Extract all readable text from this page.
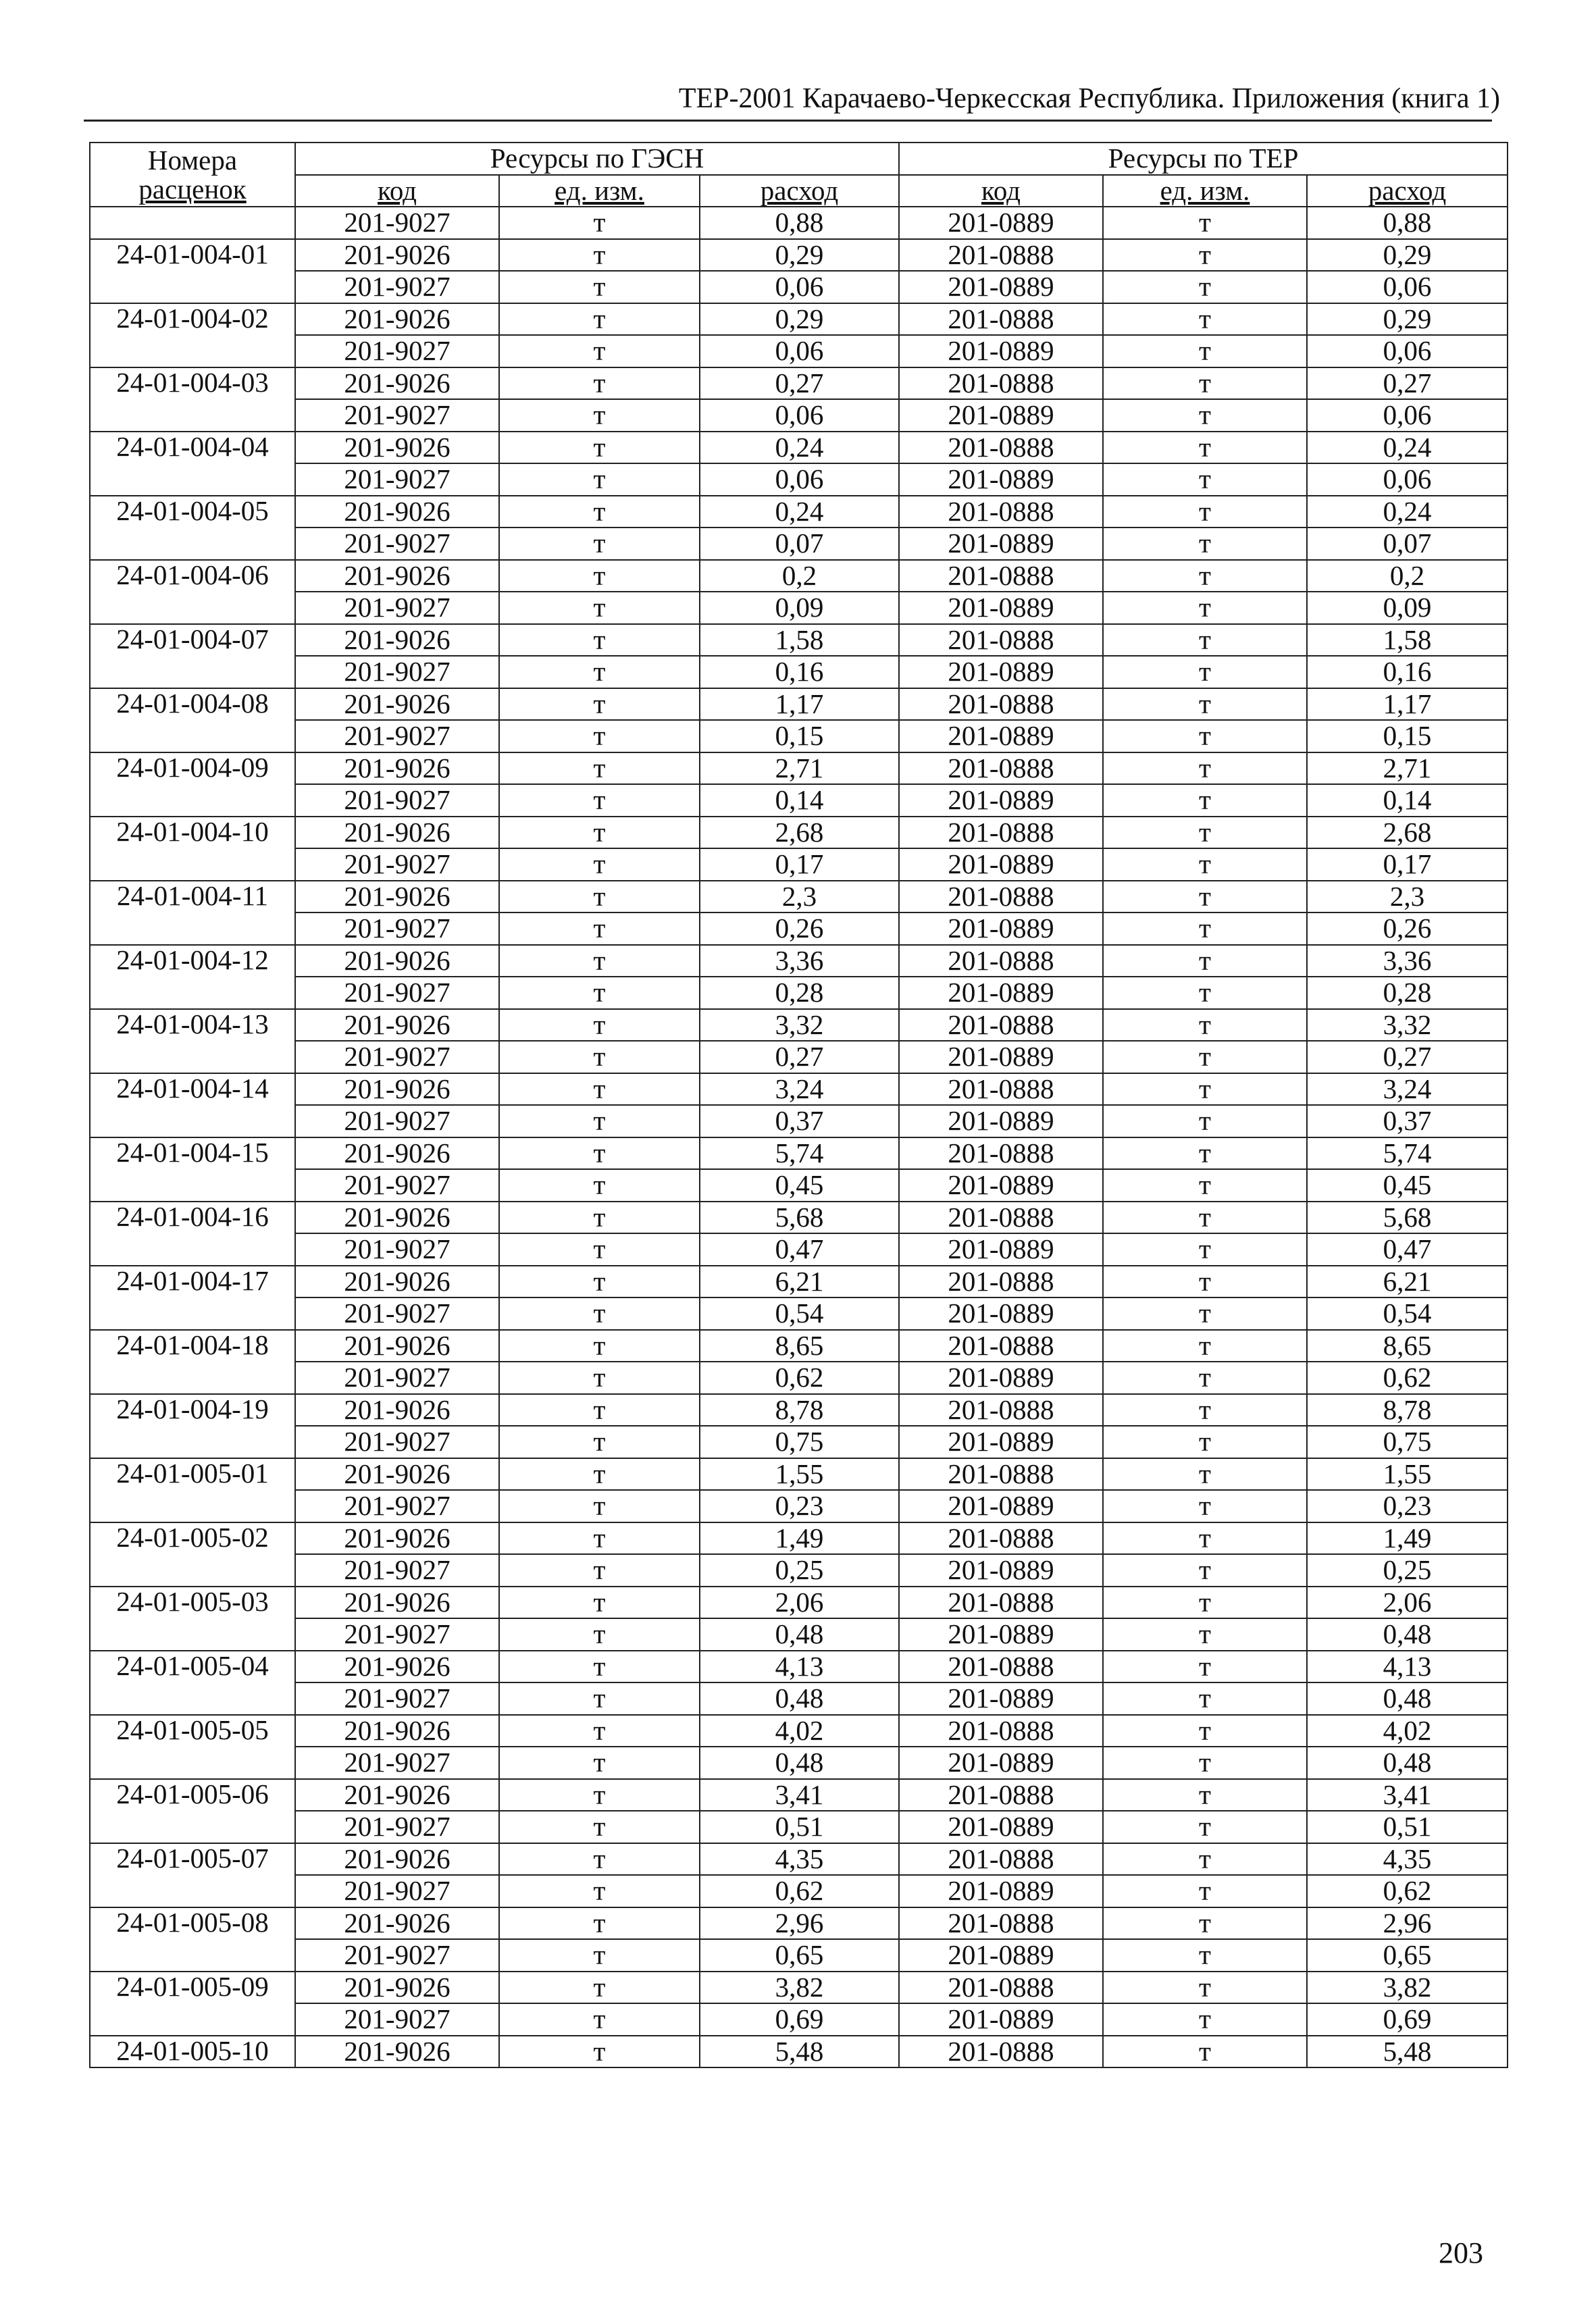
ТЕР-2001 Карачаево-Черкесская Республика. Приложения (книга 1)
Номера
расценок	Ресурсы по ГЭСН			Ресурсы по ТЕР		
	код	ед. изм.	расход	код	ед. изм.	расход
	201-9027	т	0,88	201-0889	т	0,88
24-01-004-01	201-9026	т	0,29	201-0888	т	0,29
	201-9027	т	0,06	201-0889	т	0,06
24-01-004-02	201-9026	т	0,29	201-0888	т	0,29
	201-9027	т	0,06	201-0889	т	0,06
24-01-004-03	201-9026	т	0,27	201-0888	т	0,27
	201-9027	т	0,06	201-0889	т	0,06
24-01-004-04	201-9026	т	0,24	201-0888	т	0,24
	201-9027	т	0,06	201-0889	т	0,06
24-01-004-05	201-9026	т	0,24	201-0888	т	0,24
	201-9027	т	0,07	201-0889	т	0,07
24-01-004-06	201-9026	т	0,2	201-0888	т	0,2
	201-9027	т	0,09	201-0889	т	0,09
24-01-004-07	201-9026	т	1,58	201-0888	т	1,58
	201-9027	т	0,16	201-0889	т	0,16
24-01-004-08	201-9026	т	1,17	201-0888	т	1,17
	201-9027	т	0,15	201-0889	т	0,15
24-01-004-09	201-9026	т	2,71	201-0888	т	2,71
	201-9027	т	0,14	201-0889	т	0,14
24-01-004-10	201-9026	т	2,68	201-0888	т	2,68
	201-9027	т	0,17	201-0889	т	0,17
24-01-004-11	201-9026	т	2,3	201-0888	т	2,3
	201-9027	т	0,26	201-0889	т	0,26
24-01-004-12	201-9026	т	3,36	201-0888	т	3,36
	201-9027	т	0,28	201-0889	т	0,28
24-01-004-13	201-9026	т	3,32	201-0888	т	3,32
	201-9027	т	0,27	201-0889	т	0,27
24-01-004-14	201-9026	т	3,24	201-0888	т	3,24
	201-9027	т	0,37	201-0889	т	0,37
24-01-004-15	201-9026	т	5,74	201-0888	т	5,74
	201-9027	т	0,45	201-0889	т	0,45
24-01-004-16	201-9026	т	5,68	201-0888	т	5,68
	201-9027	т	0,47	201-0889	т	0,47
24-01-004-17	201-9026	т	6,21	201-0888	т	6,21
	201-9027	т	0,54	201-0889	т	0,54
24-01-004-18	201-9026	т	8,65	201-0888	т	8,65
	201-9027	т	0,62	201-0889	т	0,62
24-01-004-19	201-9026	т	8,78	201-0888	т	8,78
	201-9027	т	0,75	201-0889	т	0,75
24-01-005-01	201-9026	т	1,55	201-0888	т	1,55
	201-9027	т	0,23	201-0889	т	0,23
24-01-005-02	201-9026	т	1,49	201-0888	т	1,49
	201-9027	т	0,25	201-0889	т	0,25
24-01-005-03	201-9026	т	2,06	201-0888	т	2,06
	201-9027	т	0,48	201-0889	т	0,48
24-01-005-04	201-9026	т	4,13	201-0888	т	4,13
	201-9027	т	0,48	201-0889	т	0,48
24-01-005-05	201-9026	т	4,02	201-0888	т	4,02
	201-9027	т	0,48	201-0889	т	0,48
24-01-005-06	201-9026	т	3,41	201-0888	т	3,41
	201-9027	т	0,51	201-0889	т	0,51
24-01-005-07	201-9026	т	4,35	201-0888	т	4,35
	201-9027	т	0,62	201-0889	т	0,62
24-01-005-08	201-9026	т	2,96	201-0888	т	2,96
	201-9027	т	0,65	201-0889	т	0,65
24-01-005-09	201-9026	т	3,82	201-0888	т	3,82
	201-9027	т	0,69	201-0889	т	0,69
24-01-005-10	201-9026	т	5,48	201-0888	т	5,48
203
